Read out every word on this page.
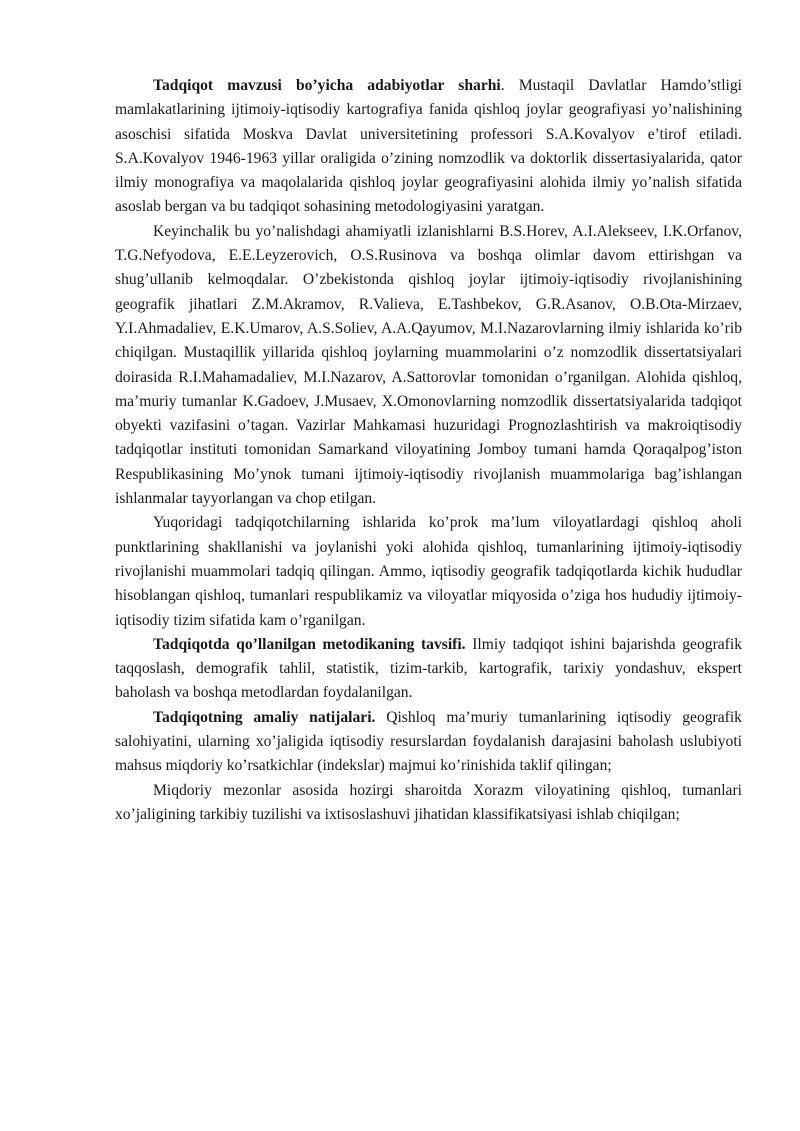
Tadqiqot mavzusi bo’yicha adabiyotlar sharhi. Mustaqil Davlatlar Hamdo’stligi mamlakatlarining ijtimoiy-iqtisodiy kartografiya fanida qishloq joylar geografiyasi yo’nalishining asoschisi sifatida Moskva Davlat universitetining professori S.A.Kovalyov e’tirof etiladi. S.A.Kovalyov 1946-1963 yillar oraligida o’zining nomzodlik va doktorlik dissertasiyalarida, qator ilmiy monografiya va maqolalarida qishloq joylar geografiyasini alohida ilmiy yo’nalish sifatida asoslab bergan va bu tadqiqot sohasining metodologiyasini yaratgan.

Keyinchalik bu yo’nalishdagi ahamiyatli izlanishlarni B.S.Horev, A.I.Alekseev, I.K.Orfanov, T.G.Nefyodova, E.E.Leyzerovich, O.S.Rusinova va boshqa olimlar davom ettirishgan va shug’ullanib kelmoqdalar. O’zbekistonda qishloq joylar ijtimoiy-iqtisodiy rivojlanishining geografik jihatlari Z.M.Akramov, R.Valieva, E.Tashbekov, G.R.Asanov, O.B.Ota-Mirzaev, Y.I.Ahmadaliev, E.K.Umarov, A.S.Soliev, A.A.Qayumov, M.I.Nazarovlarning ilmiy ishlarida ko’rib chiqilgan. Mustaqillik yillarida qishloq joylarning muammolarini o’z nomzodlik dissertatsiyalari doirasida R.I.Mahamadaliev, M.I.Nazarov, A.Sattorovlar tomonidan o’rganilgan. Alohida qishloq, ma’muriy tumanlar K.Gadoev, J.Musaev, X.Omonovlarning nomzodlik dissertatsiyalarida tadqiqot obyekti vazifasini o’tagan. Vazirlar Mahkamasi huzuridagi Prognozlashtirish va makroiqtisodiy tadqiqotlar instituti tomonidan Samarkand viloyatining Jomboy tumani hamda Qoraqalpog’iston Respublikasining Mo’ynok tumani ijtimoiy-iqtisodiy rivojlanish muammolariga bag’ishlangan ishlanmalar tayyorlangan va chop etilgan.

Yuqoridagi tadqiqotchilarning ishlarida ko’prok ma’lum viloyatlardagi qishloq aholi punktlarining shakllanishi va joylanishi yoki alohida qishloq, tumanlarining ijtimoiy-iqtisodiy rivojlanishi muammolari tadqiq qilingan. Ammo, iqtisodiy geografik tadqiqotlarda kichik hududlar hisoblangan qishloq, tumanlari respublikamiz va viloyatlar miqyosida o’ziga hos hududiy ijtimoiy-iqtisodiy tizim sifatida kam o’rganilgan.

Tadqiqotda qo’llanilgan metodikaning tavsifi. Ilmiy tadqiqot ishini bajarishda geografik taqqoslash, demografik tahlil, statistik, tizim-tarkib, kartografik, tarixiy yondashuv, ekspert baholash va boshqa metodlardan foydalanilgan.

Tadqiqotning amaliy natijalari. Qishloq ma’muriy tumanlarining iqtisodiy geografik salohiyatini, ularning xo’jaligida iqtisodiy resurslardan foydalanish darajasini baholash uslubiyoti mahsus miqdoriy ko’rsatkichlar (indekslar) majmui ko’rinishida taklif qilingan;

Miqdoriy mezonlar asosida hozirgi sharoitda Xorazm viloyatining qishloq, tumanlari xo’jaligining tarkibiy tuzilishi va ixtisoslashuvi jihatidan klassifikatsiyasi ishlab chiqilgan;
